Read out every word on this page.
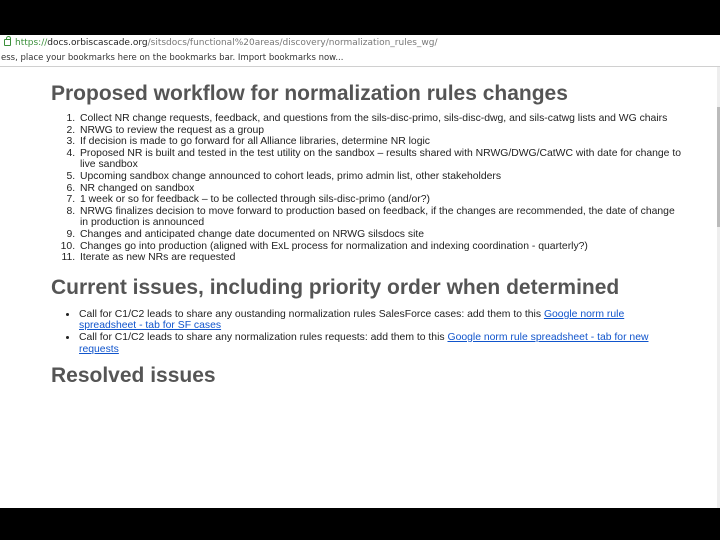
https://docs.orbiscascade.org/sitsdocs/functional%20areas/discovery/normalization_rules_wg/
ess, place your bookmarks here on the bookmarks bar. Import bookmarks now...
Proposed workflow for normalization rules changes
1. Collect NR change requests, feedback, and questions from the sils-disc-primo, sils-disc-dwg, and sils-catwg lists and WG chairs
2. NRWG to review the request as a group
3. If decision is made to go forward for all Alliance libraries, determine NR logic
4. Proposed NR is built and tested in the test utility on the sandbox – results shared with NRWG/DWG/CatWC with date for change to live sandbox
5. Upcoming sandbox change announced to cohort leads, primo admin list, other stakeholders
6. NR changed on sandbox
7. 1 week or so for feedback – to be collected through sils-disc-primo (and/or?)
8. NRWG finalizes decision to move forward to production based on feedback, if the changes are recommended, the date of change in production is announced
9. Changes and anticipated change date documented on NRWG silsdocs site
10. Changes go into production (aligned with ExL process for normalization and indexing coordination - quarterly?)
11. Iterate as new NRs are requested
Current issues, including priority order when determined
• Call for C1/C2 leads to share any oustanding normalization rules SalesForce cases: add them to this Google norm rule spreadsheet - tab for SF cases
• Call for C1/C2 leads to share any normalization rules requests: add them to this Google norm rule spreadsheet - tab for new requests
Resolved issues
